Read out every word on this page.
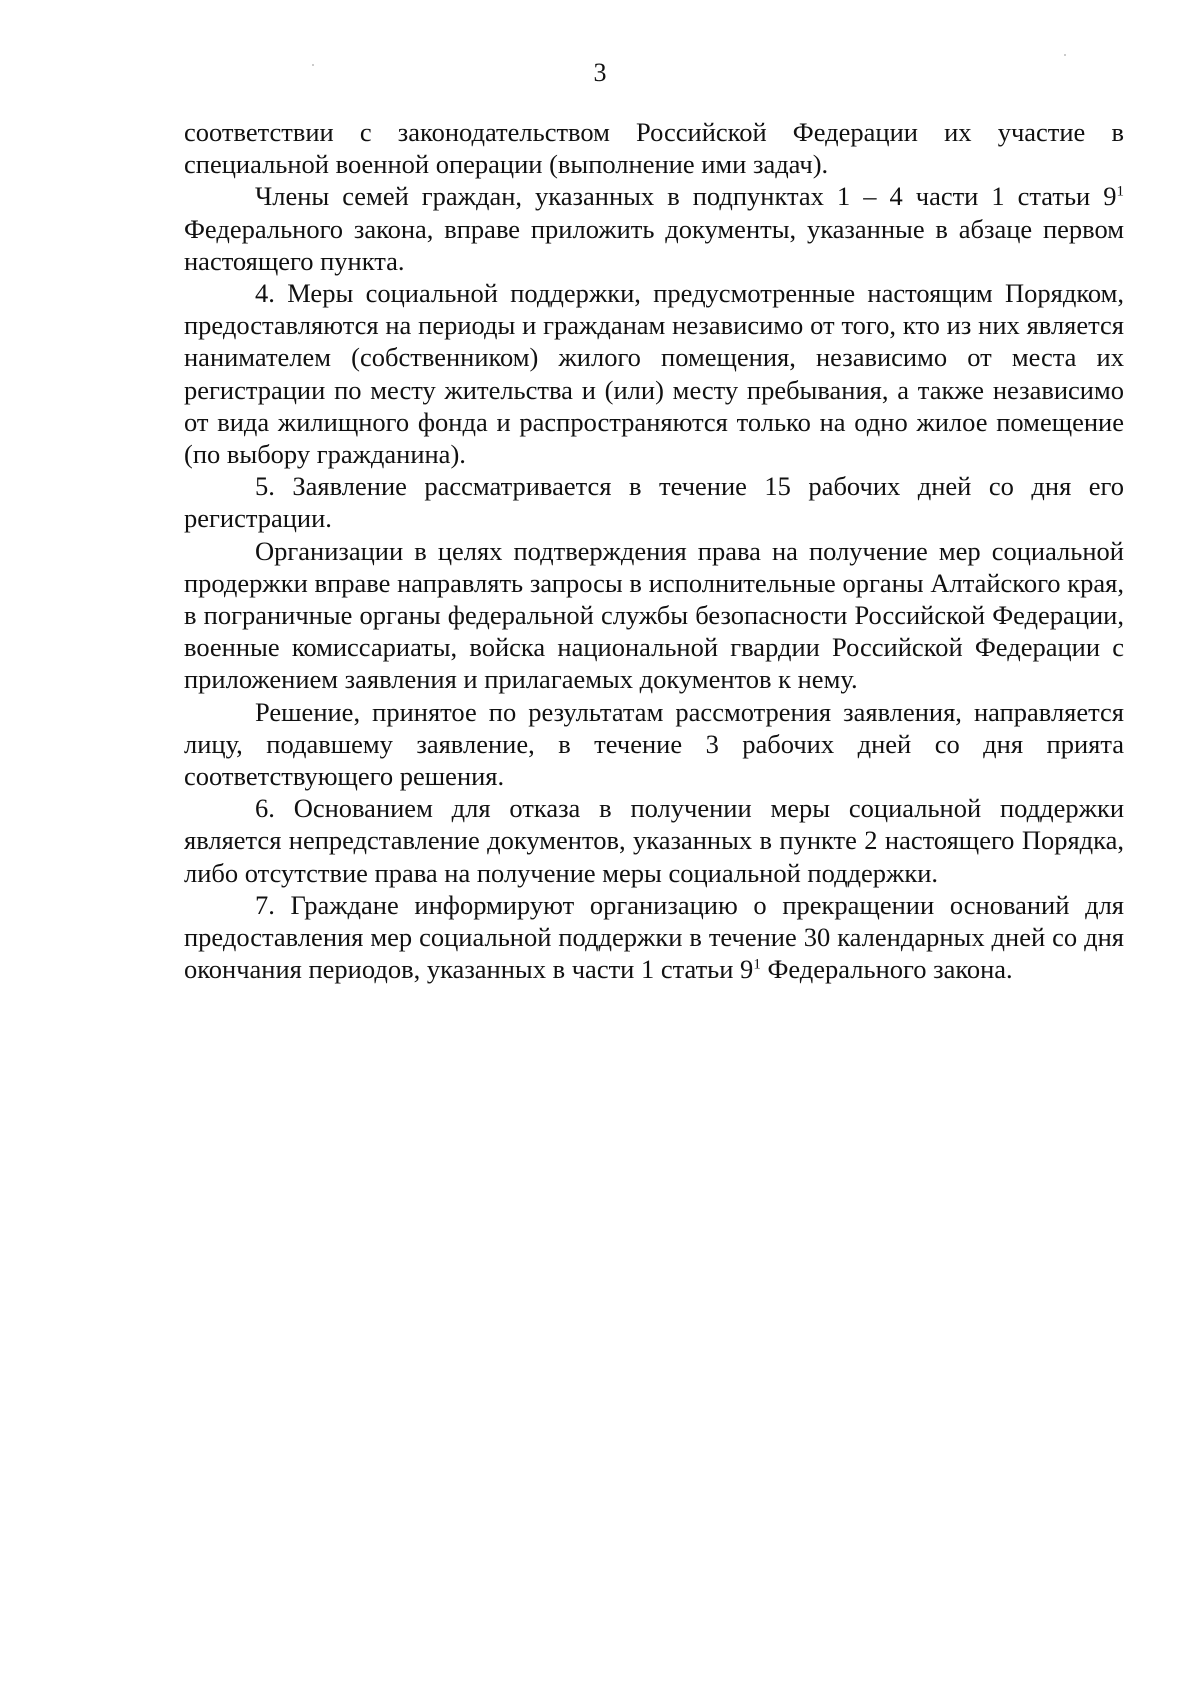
3

соответствии с законодательством Российской Федерации их участие в специальной военной операции (выполнение ими задач).

Члены семей граждан, указанных в подпунктах 1 – 4 части 1 статьи $9^1$ Федерального закона, вправе приложить документы, указанные в абзаце первом настоящего пункта.

4. Меры социальной поддержки, предусмотренные настоящим Порядком, предоставляются на периоды и гражданам независимо от того, кто из них является нанимателем (собственником) жилого помещения, независимо от места их регистрации по месту жительства и (или) месту пребывания, а также независимо от вида жилищного фонда и распространяются только на одно жилое помещение (по выбору гражданина).

5. Заявление рассматривается в течение 15 рабочих дней со дня его регистрации.

Организации в целях подтверждения права на получение мер социальной продержки вправе направлять запросы в исполнительные органы Алтайского края, в пограничные органы федеральной службы безопасности Российской Федерации, военные комиссариаты, войска национальной гвардии Российской Федерации с приложением заявления и прилагаемых документов к нему.

Решение, принятое по результатам рассмотрения заявления, направляется лицу, подавшему заявление, в течение 3 рабочих дней со дня прията соответствующего решения.

6. Основанием для отказа в получении меры социальной поддержки является непредставление документов, указанных в пункте 2 настоящего Порядка, либо отсутствие права на получение меры социальной поддержки.

7. Граждане информируют организацию о прекращении оснований для предоставления мер социальной поддержки в течение 30 календарных дней со дня окончания периодов, указанных в части 1 статьи $9^1$ Федерального закона.
